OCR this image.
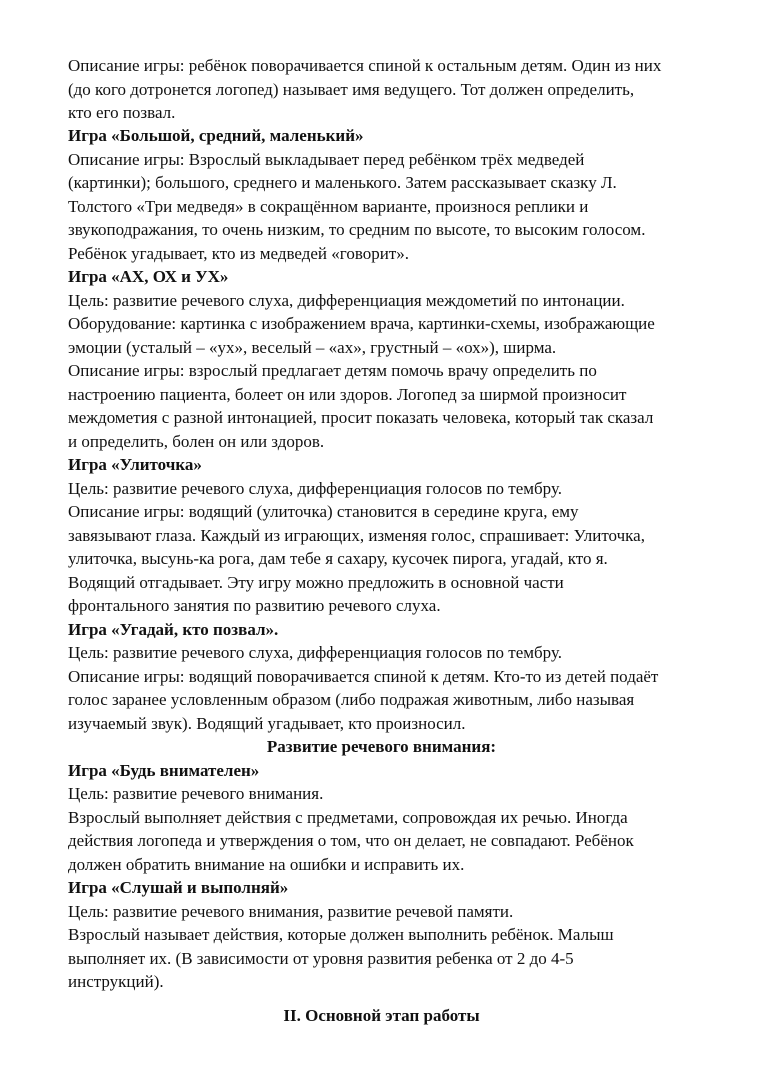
Описание игры: ребёнок поворачивается спиной к остальным детям. Один из них
(до кого дотронется логопед) называет имя ведущего. Тот должен определить,
кто его позвал.
Игра «Большой, средний, маленький»
Описание игры: Взрослый выкладывает перед ребёнком трёх медведей
(картинки); большого, среднего и маленького. Затем рассказывает сказку Л.
Толстого «Три медведя» в сокращённом варианте, произнося реплики и
звукоподражания, то очень низким, то средним по высоте, то высоким голосом.
Ребёнок угадывает, кто из медведей «говорит».
Игра «АХ, ОХ и УХ»
Цель: развитие речевого слуха, дифференциация междометий по интонации.
Оборудование: картинка с изображением врача, картинки-схемы, изображающие
эмоции (усталый – «ух», веселый – «ах», грустный – «ох»), ширма.
Описание игры: взрослый предлагает детям помочь врачу определить по
настроению пациента, болеет он или здоров. Логопед за ширмой произносит
междометия с разной интонацией, просит показать человека, который так сказал
и определить, болен он или здоров.
Игра «Улиточка»
Цель: развитие речевого слуха, дифференциация голосов по тембру.
Описание игры: водящий (улиточка) становится в середине круга, ему
завязывают глаза. Каждый из играющих, изменяя голос, спрашивает: Улиточка,
улиточка, высунь-ка рога, дам тебе я сахару, кусочек пирога, угадай, кто я.
Водящий отгадывает. Эту игру можно предложить в основной части
фронтального занятия по развитию речевого слуха.
Игра «Угадай, кто позвал».
Цель: развитие речевого слуха, дифференциация голосов по тембру.
Описание игры: водящий поворачивается спиной к детям. Кто-то из детей подаёт
голос заранее условленным образом (либо подражая животным, либо называя
изучаемый звук). Водящий угадывает, кто произносил.
Развитие речевого внимания:
Игра «Будь внимателен»
Цель: развитие речевого внимания.
Взрослый выполняет действия с предметами, сопровождая их речью. Иногда
действия логопеда и утверждения о том, что он делает, не совпадают. Ребёнок
должен обратить внимание на ошибки и исправить их.
Игра «Слушай и выполняй»
Цель: развитие речевого внимания, развитие речевой памяти.
Взрослый называет действия, которые должен выполнить ребёнок. Малыш
выполняет их. (В зависимости от уровня развития ребенка от 2 до 4-5
инструкций).
II. Основной этап работы
